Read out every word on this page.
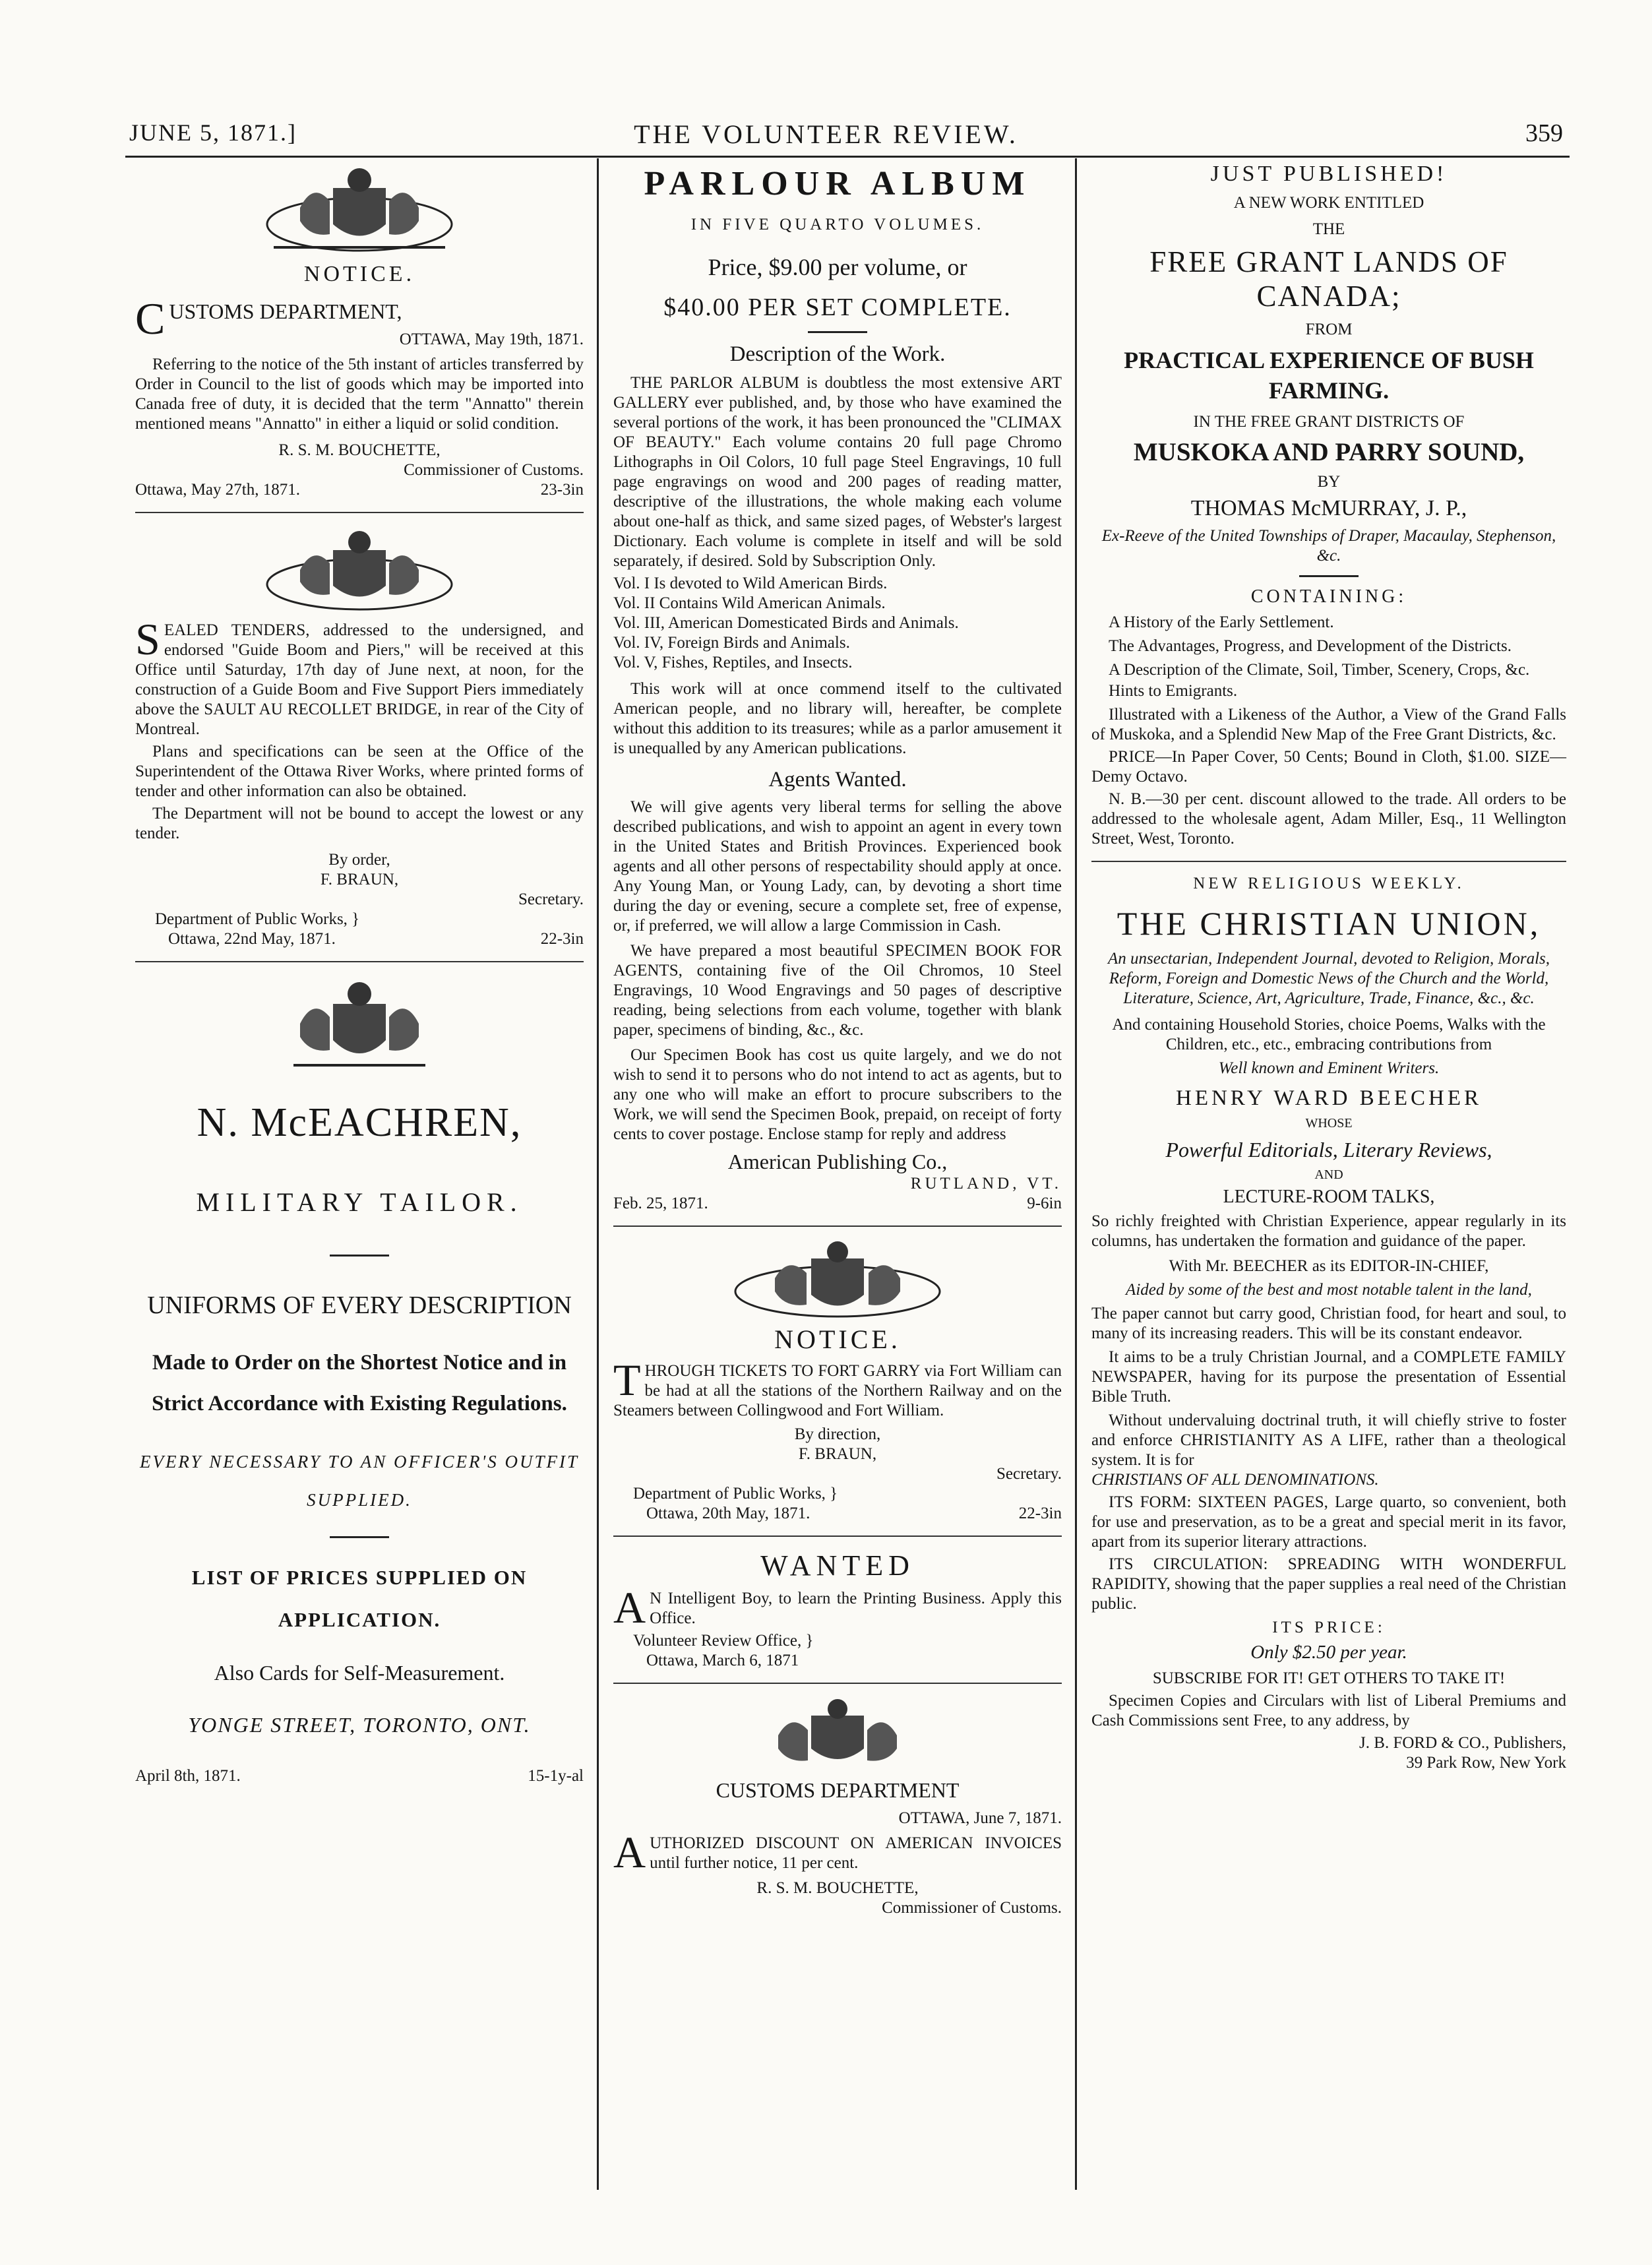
JUNE 5, 1871.]	THE VOLUNTEER REVIEW.	359

NOTICE.

CUSTOMS DEPARTMENT,

OTTAWA, May 19th, 1871.

Referring to the notice of the 5th instant of articles transferred by Order in Council to the list of goods which may be imported into Canada free of duty, it is decided that the term "Annatto" therein mentioned means "Annatto" in either a liquid or solid condition.

R. S. M. BOUCHETTE,

Commissioner of Customs.

Ottawa, May 27th, 1871.	23-3in

SEALED TENDERS, addressed to the undersigned, and endorsed "Guide Boom and Piers," will be received at this Office until Saturday, 17th day of June next, at noon, for the construction of a Guide Boom and Five Support Piers immediately above the SAULT AU RECOLLET BRIDGE, in rear of the City of Montreal.

Plans and specifications can be seen at the Office of the Superintendent of the Ottawa River Works, where printed forms of tender and other information can also be obtained.

The Department will not be bound to accept the lowest or any tender.

By order,

F. BRAUN,

Secretary.

Department of Public Works, }

Ottawa, 22nd May, 1871.	22-3in

N. McEACHREN,

MILITARY TAILOR.

UNIFORMS OF EVERY DESCRIPTION

Made to Order on the Shortest Notice and in Strict Accordance with Existing Regulations.

EVERY NECESSARY TO AN OFFICER'S OUTFIT SUPPLIED.

LIST OF PRICES SUPPLIED ON APPLICATION.

Also Cards for Self-Measurement.

YONGE STREET, TORONTO, ONT.

April 8th, 1871.	15-1y-al

PARLOUR ALBUM

IN FIVE QUARTO VOLUMES.

Price, $9.00 per volume, or

$40.00 PER SET COMPLETE.

Description of the Work.

THE PARLOR ALBUM is doubtless the most extensive ART GALLERY ever published, and, by those who have examined the several portions of the work, it has been pronounced the "CLIMAX OF BEAUTY." Each volume contains 20 full page Chromo Lithographs in Oil Colors, 10 full page Steel Engravings, 10 full page engravings on wood and 200 pages of reading matter, descriptive of the illustrations, the whole making each volume about one-half as thick, and same sized pages, of Webster's largest Dictionary. Each volume is complete in itself and will be sold separately, if desired. Sold by Subscription Only.

Vol. I Is devoted to Wild American Birds.

Vol. II Contains Wild American Animals.

Vol. III, American Domesticated Birds and Animals.

Vol. IV, Foreign Birds and Animals.

Vol. V, Fishes, Reptiles, and Insects.

This work will at once commend itself to the cultivated American people, and no library will, hereafter, be complete without this addition to its treasures; while as a parlor amusement it is unequalled by any American publications.

Agents Wanted.

We will give agents very liberal terms for selling the above described publications, and wish to appoint an agent in every town in the United States and British Provinces. Experienced book agents and all other persons of respectability should apply at once. Any Young Man, or Young Lady, can, by devoting a short time during the day or evening, secure a complete set, free of expense, or, if preferred, we will allow a large Commission in Cash.

We have prepared a most beautiful SPECIMEN BOOK FOR AGENTS, containing five of the Oil Chromos, 10 Steel Engravings, 10 Wood Engravings and 50 pages of descriptive reading, being selections from each volume, together with blank paper, specimens of binding, &c., &c.

Our Specimen Book has cost us quite largely, and we do not wish to send it to persons who do not intend to act as agents, but to any one who will make an effort to procure subscribers to the Work, we will send the Specimen Book, prepaid, on receipt of forty cents to cover postage. Enclose stamp for reply and address

American Publishing Co.,

RUTLAND, VT.

Feb. 25, 1871.	9-6in

NOTICE.

THROUGH TICKETS TO FORT GARRY via Fort William can be had at all the stations of the Northern Railway and on the Steamers between Collingwood and Fort William.

By direction,

F. BRAUN,

Secretary.

Department of Public Works, }

Ottawa, 20th May, 1871.	22-3in

WANTED

AN Intelligent Boy, to learn the Printing Business. Apply this Office.

Volunteer Review Office, }

Ottawa, March 6, 1871

CUSTOMS DEPARTMENT

OTTAWA, June 7, 1871.

AUTHORIZED DISCOUNT ON AMERICAN INVOICES until further notice, 11 per cent.

R. S. M. BOUCHETTE,

Commissioner of Customs.

JUST PUBLISHED!

A NEW WORK ENTITLED

THE

FREE GRANT LANDS OF CANADA;

FROM

PRACTICAL EXPERIENCE OF BUSH FARMING.

IN THE FREE GRANT DISTRICTS OF

MUSKOKA AND PARRY SOUND,

BY

THOMAS McMURRAY, J. P.,

Ex-Reeve of the United Townships of Draper, Macaulay, Stephenson, &c.

CONTAINING:

A History of the Early Settlement.

The Advantages, Progress, and Development of the Districts.

A Description of the Climate, Soil, Timber, Scenery, Crops, &c.

Hints to Emigrants.

Illustrated with a Likeness of the Author, a View of the Grand Falls of Muskoka, and a Splendid New Map of the Free Grant Districts, &c.

PRICE—In Paper Cover, 50 Cents; Bound in Cloth, $1.00. SIZE—Demy Octavo.

N. B.—30 per cent. discount allowed to the trade. All orders to be addressed to the wholesale agent, Adam Miller, Esq., 11 Wellington Street, West, Toronto.

NEW RELIGIOUS WEEKLY.

THE CHRISTIAN UNION,

An unsectarian, Independent Journal, devoted to Religion, Morals, Reform, Foreign and Domestic News of the Church and the World, Literature, Science, Art, Agriculture, Trade, Finance, &c., &c.

And containing Household Stories, choice Poems, Walks with the Children, etc., etc., embracing contributions from

Well known and Eminent Writers.

HENRY WARD BEECHER

WHOSE

Powerful Editorials, Literary Reviews,

AND

LECTURE-ROOM TALKS,

So richly freighted with Christian Experience, appear regularly in its columns, has undertaken the formation and guidance of the paper.

With Mr. BEECHER as its EDITOR-IN-CHIEF,

Aided by some of the best and most notable talent in the land,

The paper cannot but carry good, Christian food, for heart and soul, to many of its increasing readers. This will be its constant endeavor.

It aims to be a truly Christian Journal, and a COMPLETE FAMILY NEWSPAPER, having for its purpose the presentation of Essential Bible Truth.

Without undervaluing doctrinal truth, it will chiefly strive to foster and enforce CHRISTIANITY AS A LIFE, rather than a theological system. It is for

CHRISTIANS OF ALL DENOMINATIONS.

ITS FORM: SIXTEEN PAGES, Large quarto, so convenient, both for use and preservation, as to be a great and special merit in its favor, apart from its superior literary attractions.

ITS CIRCULATION: SPREADING WITH WONDERFUL RAPIDITY, showing that the paper supplies a real need of the Christian public.

ITS PRICE:

Only $2.50 per year.

SUBSCRIBE FOR IT! GET OTHERS TO TAKE IT!

Specimen Copies and Circulars with list of Liberal Premiums and Cash Commissions sent Free, to any address, by

J. B. FORD & CO., Publishers,

39 Park Row, New York
